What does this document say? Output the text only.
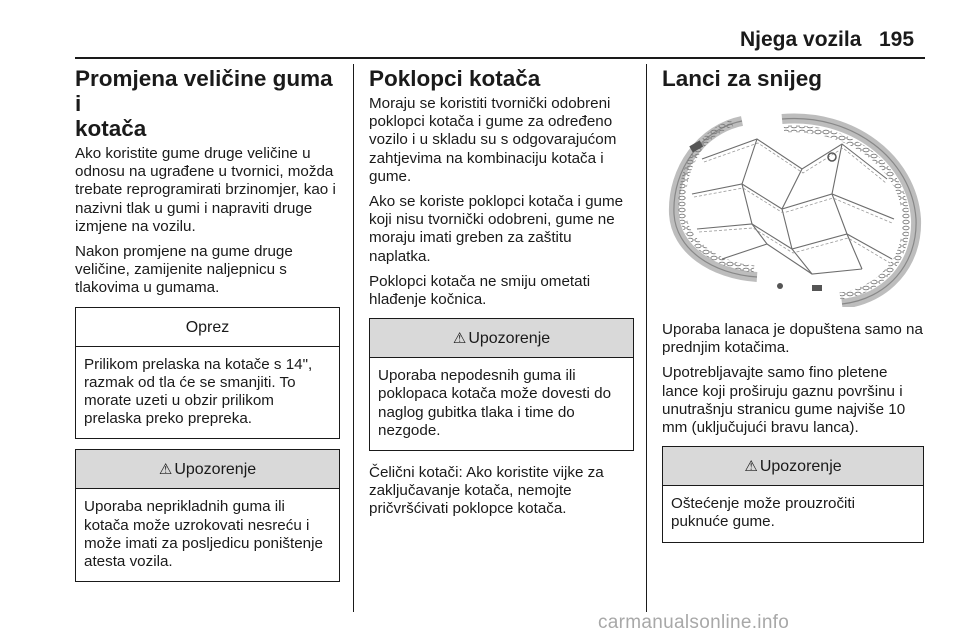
Njega vozila 195
Promjena veličine guma i
kotača

Ako koristite gume druge veličine u odnosu na ugrađene u tvornici, možda trebate reprogramirati brzinomjer, kao i nazivni tlak u gumi i napraviti druge izmjene na vozilu.

Nakon promjene na gume druge veličine, zamijenite naljepnicu s tlakovima u gumama.

Oprez
Prilikom prelaska na kotače s 14", razmak od tla će se smanjiti. To morate uzeti u obzir prilikom prelaska preko prepreka.
⚠ Upozorenje
Uporaba neprikladnih guma ili kotača može uzrokovati nesreću i može imati za posljedicu poništenje atesta vozila.
Poklopci kotača

Moraju se koristiti tvornički odobreni poklopci kotača i gume za određeno vozilo i u skladu su s odgovarajućom zahtjevima na kombinaciju kotača i gume.

Ako se koriste poklopci kotača i gume koji nisu tvornički odobreni, gume ne moraju imati greben za zaštitu naplatka.

Poklopci kotača ne smiju ometati hlađenje kočnica.

⚠ Upozorenje
Uporaba nepodesnih guma ili poklopaca kotača može dovesti do naglog gubitka tlaka i time do nezgode.

Čelični kotači: Ako koristite vijke za zaključavanje kotača, nemojte pričvršćivati poklopce kotača.

Lanci za snijeg

Uporaba lanaca je dopuštena samo na prednjim kotačima.

Upotrebljavajte samo fino pletene lance koji proširuju gaznu površinu i unutrašnju stranicu gume najviše 10 mm (uključujući bravu lanca).

⚠ Upozorenje
Oštećenje može prouzročiti puknuće gume.
carmanualsonline.info
